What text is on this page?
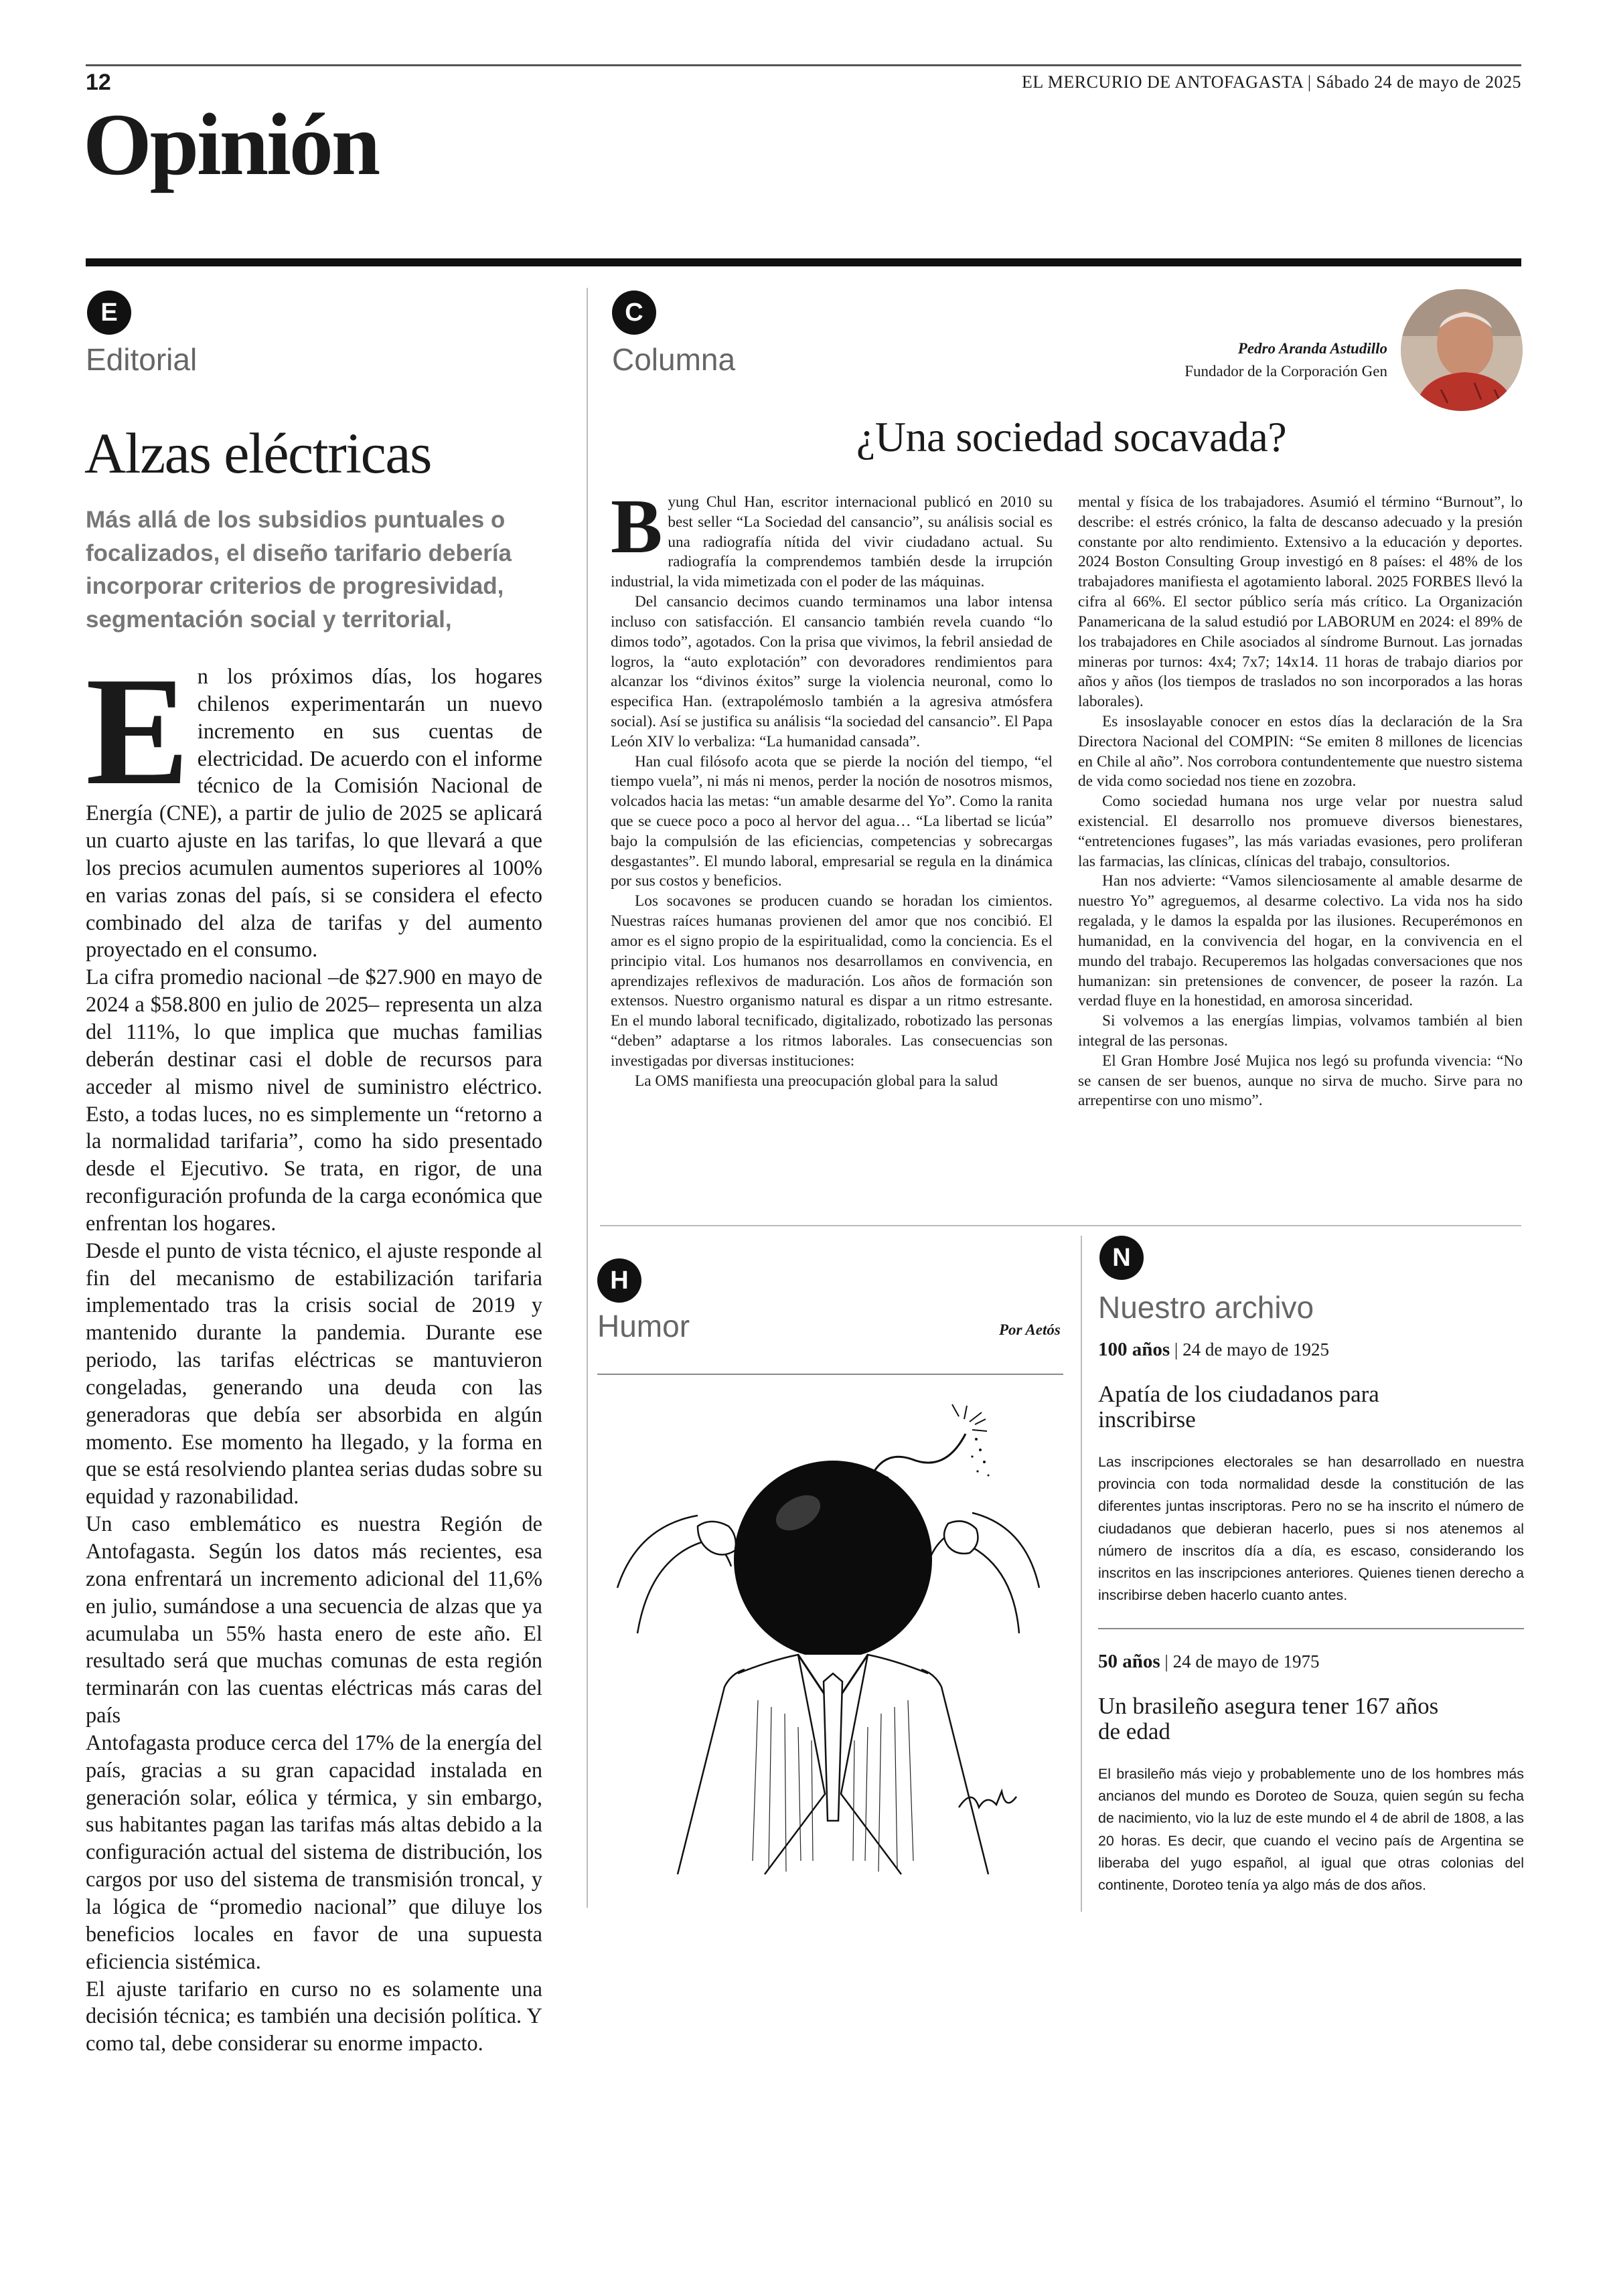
12	EL MERCURIO DE ANTOFAGASTA | Sábado 24 de mayo de 2025
Opinión
E
Editorial
Alzas eléctricas
Más allá de los subsidios puntuales o focalizados, el diseño tarifario debería incorporar criterios de progresividad, segmentación social y territorial,
E n los próximos días, los hogares chilenos experimentarán un nuevo incremento en sus cuentas de electricidad. De acuerdo con el informe técnico de la Comisión Nacional de Energía (CNE), a partir de julio de 2025 se aplicará un cuarto ajuste en las tarifas, lo que llevará a que los precios acumulen aumentos superiores al 100% en varias zonas del país, si se considera el efecto combinado del alza de tarifas y del aumento proyectado en el consumo.

La cifra promedio nacional –de $27.900 en mayo de 2024 a $58.800 en julio de 2025– representa un alza del 111%, lo que implica que muchas familias deberán destinar casi el doble de recursos para acceder al mismo nivel de suministro eléctrico. Esto, a todas luces, no es simplemente un “retorno a la normalidad tarifaria”, como ha sido presentado desde el Ejecutivo. Se trata, en rigor, de una reconfiguración profunda de la carga económica que enfrentan los hogares.

Desde el punto de vista técnico, el ajuste responde al fin del mecanismo de estabilización tarifaria implementado tras la crisis social de 2019 y mantenido durante la pandemia. Durante ese periodo, las tarifas eléctricas se mantuvieron congeladas, generando una deuda con las generadoras que debía ser absorbida en algún momento. Ese momento ha llegado, y la forma en que se está resolviendo plantea serias dudas sobre su equidad y razonabilidad.

Un caso emblemático es nuestra Región de Antofagasta. Según los datos más recientes, esa zona enfrentará un incremento adicional del 11,6% en julio, sumándose a una secuencia de alzas que ya acumulaba un 55% hasta enero de este año. El resultado será que muchas comunas de esta región terminarán con las cuentas eléctricas más caras del país

Antofagasta produce cerca del 17% de la energía del país, gracias a su gran capacidad instalada en generación solar, eólica y térmica, y sin embargo, sus habitantes pagan las tarifas más altas debido a la configuración actual del sistema de distribución, los cargos por uso del sistema de transmisión troncal, y la lógica de “promedio nacional” que diluye los beneficios locales en favor de una supuesta eficiencia sistémica.

El ajuste tarifario en curso no es solamente una decisión técnica; es también una decisión política. Y como tal, debe considerar su enorme impacto.

C
Columna	Pedro Aranda Astudillo
Fundador de la Corporación Gen
¿Una sociedad socavada?
B yung Chul Han, escritor internacional publicó en 2010 su best seller “La Sociedad del cansancio”, su análisis social es una radiografía nítida del vivir ciudadano actual. Su radiografía la comprendemos también desde la irrupción industrial, la vida mimetizada con el poder de las máquinas.

Del cansancio decimos cuando terminamos una labor intensa incluso con satisfacción. El cansancio también revela cuando “lo dimos todo”, agotados. Con la prisa que vivimos, la febril ansiedad de logros, la “auto explotación” con devoradores rendimientos para alcanzar los “divinos éxitos” surge la violencia neuronal, como lo especifica Han. (extrapolémoslo también a la agresiva atmósfera social). Así se justifica su análisis “la sociedad del cansancio”. El Papa León XIV lo verbaliza: “La humanidad cansada”.

Han cual filósofo acota que se pierde la noción del tiempo, “el tiempo vuela”, ni más ni menos, perder la noción de nosotros mismos, volcados hacia las metas: “un amable desarme del Yo”. Como la ranita que se cuece poco a poco al hervor del agua… “La libertad se licúa” bajo la compulsión de las eficiencias, competencias y sobrecargas desgastantes”. El mundo laboral, empresarial se regula en la dinámica por sus costos y beneficios.

Los socavones se producen cuando se horadan los cimientos. Nuestras raíces humanas provienen del amor que nos concibió. El amor es el signo propio de la espiritualidad, como la conciencia. Es el principio vital. Los humanos nos desarrollamos en convivencia, en aprendizajes reflexivos de maduración. Los años de formación son extensos. Nuestro organismo natural es dispar a un ritmo estresante. En el mundo laboral tecnificado, digitalizado, robotizado las personas “deben” adaptarse a los ritmos laborales. Las consecuencias son investigadas por diversas instituciones:

La OMS manifiesta una preocupación global para la salud

mental y física de los trabajadores. Asumió el término “Burnout”, lo describe: el estrés crónico, la falta de descanso adecuado y la presión constante por alto rendimiento. Extensivo a la educación y deportes. 2024 Boston Consulting Group investigó en 8 países: el 48% de los trabajadores manifiesta el agotamiento laboral. 2025 FORBES llevó la cifra al 66%. El sector público sería más crítico. La Organización Panamericana de la salud estudió por LABORUM en 2024: el 89% de los trabajadores en Chile asociados al síndrome Burnout. Las jornadas mineras por turnos: 4x4; 7x7; 14x14. 11 horas de trabajo diarios por años y años (los tiempos de traslados no son incorporados a las horas laborales).

Es insoslayable conocer en estos días la declaración de la Sra Directora Nacional del COMPIN: “Se emiten 8 millones de licencias en Chile al año”. Nos corrobora contundentemente que nuestro sistema de vida como sociedad nos tiene en zozobra.

Como sociedad humana nos urge velar por nuestra salud existencial. El desarrollo nos promueve diversos bienestares, “entretenciones fugases”, las más variadas evasiones, pero proliferan las farmacias, las clínicas, clínicas del trabajo, consultorios.

Han nos advierte: “Vamos silenciosamente al amable desarme de nuestro Yo” agreguemos, al desarme colectivo. La vida nos ha sido regalada, y le damos la espalda por las ilusiones. Recuperémonos en humanidad, en la convivencia del hogar, en la convivencia en el mundo del trabajo. Recuperemos las holgadas conversaciones que nos humanizan: sin pretensiones de convencer, de poseer la razón. La verdad fluye en la honestidad, en amorosa sinceridad.

Si volvemos a las energías limpias, volvamos también al bien integral de las personas.

El Gran Hombre José Mujica nos legó su profunda vivencia: “No se cansen de ser buenos, aunque no sirva de mucho. Sirve para no arrepentirse con uno mismo”.

H
Humor	Por Aetós
N
Nuestro archivo
100 años | 24 de mayo de 1925
Apatía de los ciudadanos para inscribirse
Las inscripciones electorales se han desarrollado en nuestra provincia con toda normalidad desde la constitución de las diferentes juntas inscriptoras. Pero no se ha inscrito el número de ciudadanos que debieran hacerlo, pues si nos atenemos al número de inscritos día a día, es escaso, considerando los inscritos en las inscripciones anteriores. Quienes tienen derecho a inscribirse deben hacerlo cuanto antes.
50 años | 24 de mayo de 1975
Un brasileño asegura tener 167 años de edad
El brasileño más viejo y probablemente uno de los hombres más ancianos del mundo es Doroteo de Souza, quien según su fecha de nacimiento, vio la luz de este mundo el 4 de abril de 1808, a las 20 horas. Es decir, que cuando el vecino país de Argentina se liberaba del yugo español, al igual que otras colonias del continente, Doroteo tenía ya algo más de dos años.
